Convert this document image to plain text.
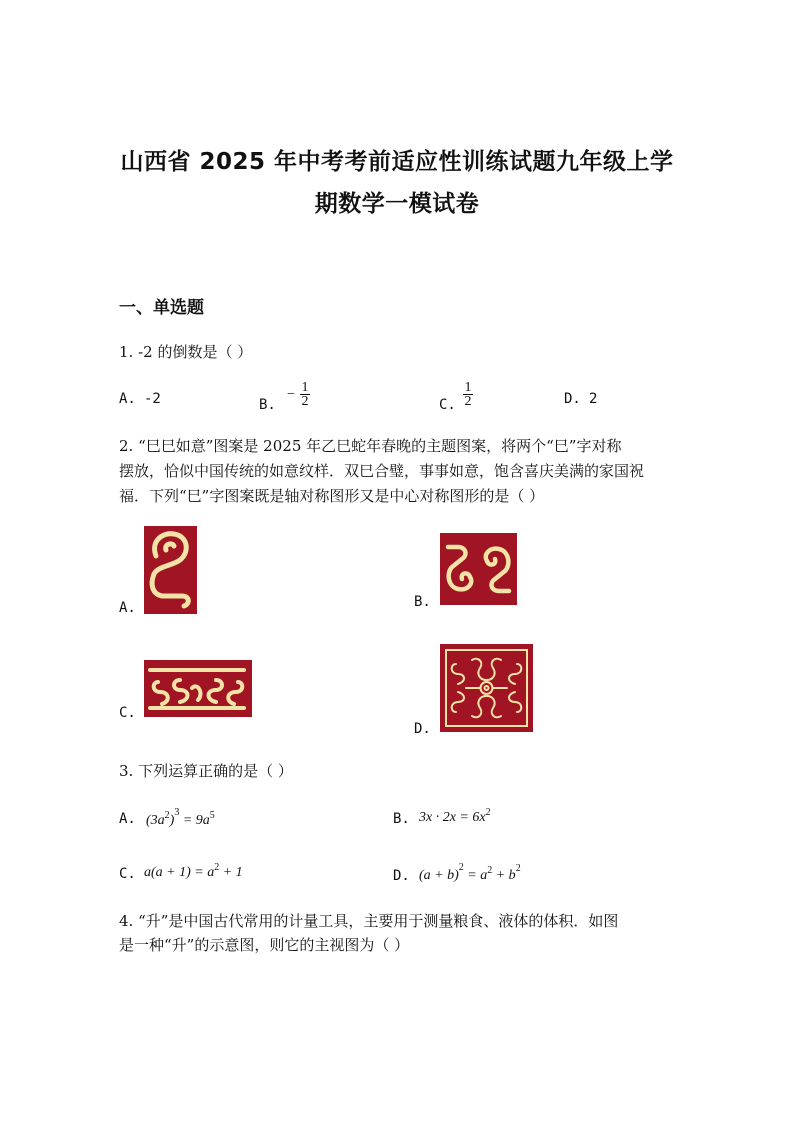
山西省 2025 年中考考前适应性训练试题九年级上学
期数学一模试卷
一、单选题
1. -2 的倒数是（ ）
A. -2	B.
− 1
2	C.
1
2	D. 2
2. “巳巳如意”图案是 2025 年乙巳蛇年春晚的主题图案，将两个“巳”字对称
摆放，恰似中国传统的如意纹样．双巳合璧，事事如意，饱含喜庆美满的家国祝
福．下列“巳”字图案既是轴对称图形又是中心对称图形的是（ ）
A.	B.
C.
D.
3. 下列运算正确的是（ ）
A. $(3a^2)^3 = 9a^5$	B. $3x \cdot 2x = 6x^2$
C. $a(a + 1) = a^2 + 1$	D. $(a + b)^2 = a^2 + b^2$
4. “升”是中国古代常用的计量工具，主要用于测量粮食、液体的体积．如图
是一种“升”的示意图，则它的主视图为（ ）
